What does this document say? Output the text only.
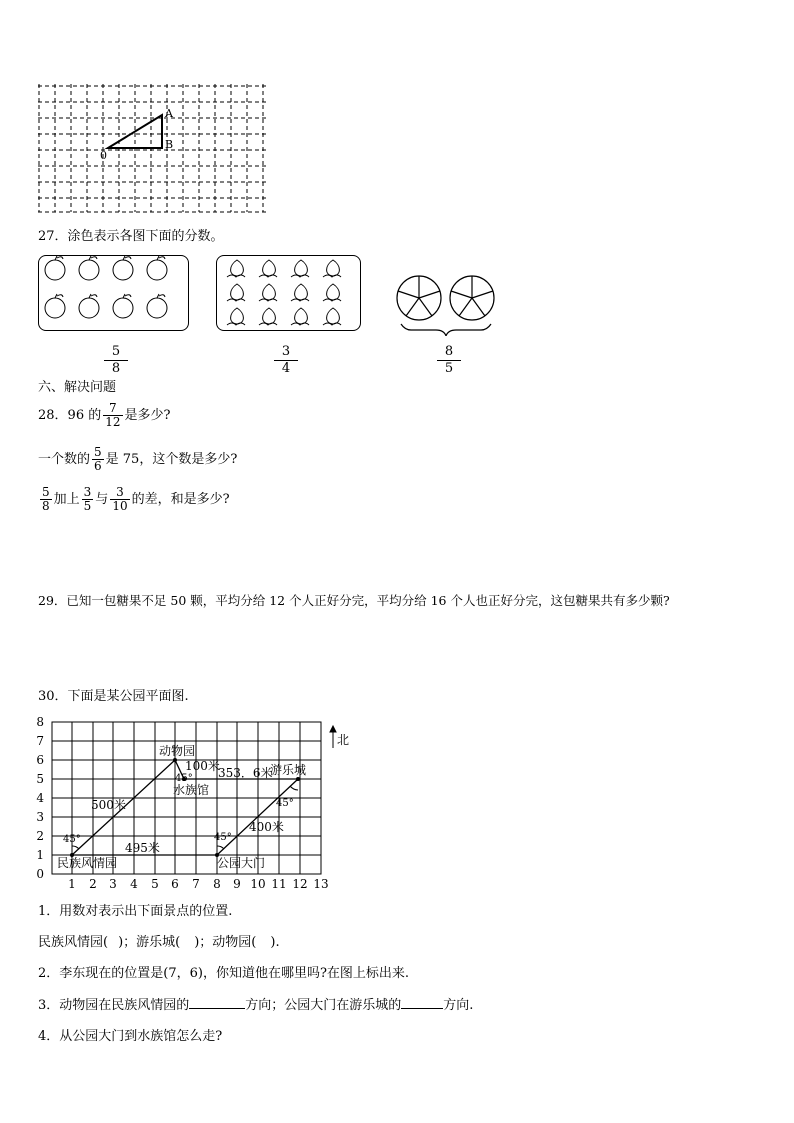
A
B
0
27．涂色表示各图下面的分数。
$\frac{5}{8}$	$\frac{3}{4}$	$\frac{8}{5}$
六、解决问题
28．96 的 $\frac{7}{12}$ 是多少?
一个数的 $\frac{5}{6}$ 是 75，这个数是多少?
$\frac{5}{8}$ 加上 $\frac{3}{5}$ 与 $\frac{3}{10}$ 的差，和是多少?
29．已知一包糖果不足 50 颗，平均分给 12 个人正好分完，平均分给 16 个人也正好分完，这包糖果共有多少颗?
30．下面是某公园平面图.
0
1
2
3
4
5
6
7
8
1 2 3 4 5 6 7 8 9 10 11 12 13
北
动物园
水族馆
游乐城
民族风情园	公园大门
500米
495米
100米
353．6米
400米
45°	45°
45°
45°
1．用数对表示出下面景点的位置.
民族风情园( )；游乐城( )；动物园( ).
2．李东现在的位置是(7，6)，你知道他在哪里吗?在图上标出来.
3．动物园在民族风情园的	方向；公园大门在游乐城的	方向.
4．从公园大门到水族馆怎么走?
